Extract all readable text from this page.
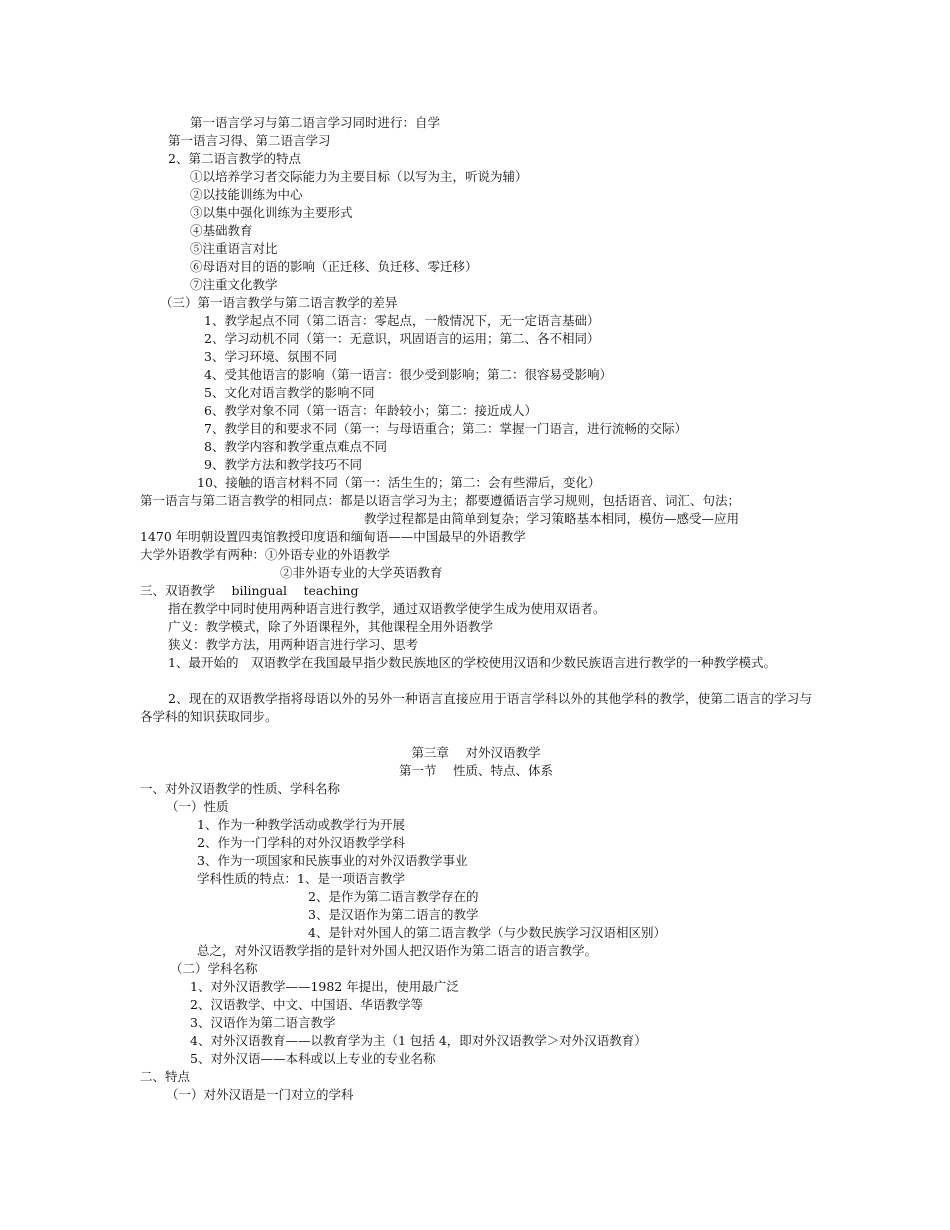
第一语言学习与第二语言学习同时进行：自学
第一语言习得、第二语言学习
2、第二语言教学的特点
①以培养学习者交际能力为主要目标（以写为主，听说为辅）
②以技能训练为中心
③以集中强化训练为主要形式
④基础教育
⑤注重语言对比
⑥母语对目的语的影响（正迁移、负迁移、零迁移）
⑦注重文化教学
（三）第一语言教学与第二语言教学的差异
1、教学起点不同（第二语言：零起点，一般情况下，无一定语言基础）
2、学习动机不同（第一：无意识，巩固语言的运用；第二、各不相同）
3、学习环境、氛围不同
4、受其他语言的影响（第一语言：很少受到影响；第二：很容易受影响）
5、文化对语言教学的影响不同
6、教学对象不同（第一语言：年龄较小；第二：接近成人）
7、教学目的和要求不同（第一：与母语重合；第二：掌握一门语言，进行流畅的交际）
8、教学内容和教学重点难点不同
9、教学方法和教学技巧不同
10、接触的语言材料不同（第一：活生生的；第二：会有些滞后，变化）
第一语言与第二语言教学的相同点：都是以语言学习为主；都要遵循语言学习规则，包括语音、词汇、句法；
教学过程都是由简单到复杂；学习策略基本相同，模仿—感受—应用
1470 年明朝设置四夷馆教授印度语和缅甸语——中国最早的外语教学
大学外语教学有两种：①外语专业的外语教学
②非外语专业的大学英语教育
三、双语教学　 bilingual　 teaching
指在教学中同时使用两种语言进行教学，通过双语教学使学生成为使用双语者。
广义：教学模式，除了外语课程外，其他课程全用外语教学
狭义：教学方法，用两种语言进行学习、思考
1、最开始的　双语教学在我国最早指少数民族地区的学校使用汉语和少数民族语言进行教学的一种教学模式。
2、现在的双语教学指将母语以外的另外一种语言直接应用于语言学科以外的其他学科的教学，使第二语言的学习与各学科的知识获取同步。
第三章　 对外汉语教学
第一节　 性质、特点、体系
一、对外汉语教学的性质、学科名称
（一）性质
1、作为一种教学活动或教学行为开展
2、作为一门学科的对外汉语教学学科
3、作为一项国家和民族事业的对外汉语教学事业
学科性质的特点：1、是一项语言教学
2、是作为第二语言教学存在的
3、是汉语作为第二语言的教学
4、是针对外国人的第二语言教学（与少数民族学习汉语相区别）
总之，对外汉语教学指的是针对外国人把汉语作为第二语言的语言教学。
（二）学科名称
1、对外汉语教学——1982 年提出，使用最广泛
2、汉语教学、中文、中国语、华语教学等
3、汉语作为第二语言教学
4、对外汉语教育——以教育学为主（1 包括 4，即对外汉语教学＞对外汉语教育）
5、对外汉语——本科或以上专业的专业名称
二、特点
（一）对外汉语是一门对立的学科
